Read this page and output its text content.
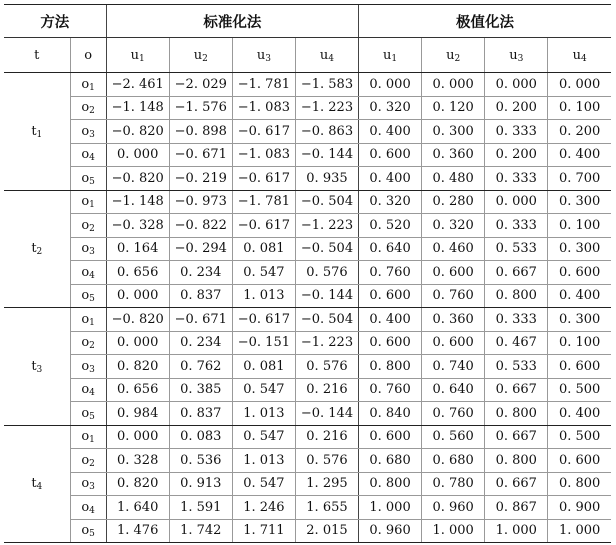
方法		标准化法				极值化法			
t	o	$u_1$	$u_2$	$u_3$	$u_4$	$u_1$	$u_2$	$u_3$	$u_4$
$t_1$	$o_1$	−2. 461	−2. 029	−1. 781	−1. 583	0. 000	0. 000	0. 000	0. 000
	$o_2$	−1. 148	−1. 576	−1. 083	−1. 223	0. 320	0. 120	0. 200	0. 100
	$o_3$	−0. 820	−0. 898	−0. 617	−0. 863	0. 400	0. 300	0. 333	0. 200
	$o_4$	0. 000	−0. 671	−1. 083	−0. 144	0. 600	0. 360	0. 200	0. 400
	$o_5$	−0. 820	−0. 219	−0. 617	0. 935	0. 400	0. 480	0. 333	0. 700
$t_2$	$o_1$	−1. 148	−0. 973	−1. 781	−0. 504	0. 320	0. 280	0. 000	0. 300
	$o_2$	−0. 328	−0. 822	−0. 617	−1. 223	0. 520	0. 320	0. 333	0. 100
	$o_3$	0. 164	−0. 294	0. 081	−0. 504	0. 640	0. 460	0. 533	0. 300
	$o_4$	0. 656	0. 234	0. 547	0. 576	0. 760	0. 600	0. 667	0. 600
	$o_5$	0. 000	0. 837	1. 013	−0. 144	0. 600	0. 760	0. 800	0. 400
$t_3$	$o_1$	−0. 820	−0. 671	−0. 617	−0. 504	0. 400	0. 360	0. 333	0. 300
	$o_2$	0. 000	0. 234	−0. 151	−1. 223	0. 600	0. 600	0. 467	0. 100
	$o_3$	0. 820	0. 762	0. 081	0. 576	0. 800	0. 740	0. 533	0. 600
	$o_4$	0. 656	0. 385	0. 547	0. 216	0. 760	0. 640	0. 667	0. 500
	$o_5$	0. 984	0. 837	1. 013	−0. 144	0. 840	0. 760	0. 800	0. 400
$t_4$	$o_1$	0. 000	0. 083	0. 547	0. 216	0. 600	0. 560	0. 667	0. 500
	$o_2$	0. 328	0. 536	1. 013	0. 576	0. 680	0. 680	0. 800	0. 600
	$o_3$	0. 820	0. 913	0. 547	1. 295	0. 800	0. 780	0. 667	0. 800
	$o_4$	1. 640	1. 591	1. 246	1. 655	1. 000	0. 960	0. 867	0. 900
	$o_5$	1. 476	1. 742	1. 711	2. 015	0. 960	1. 000	1. 000	1. 000
